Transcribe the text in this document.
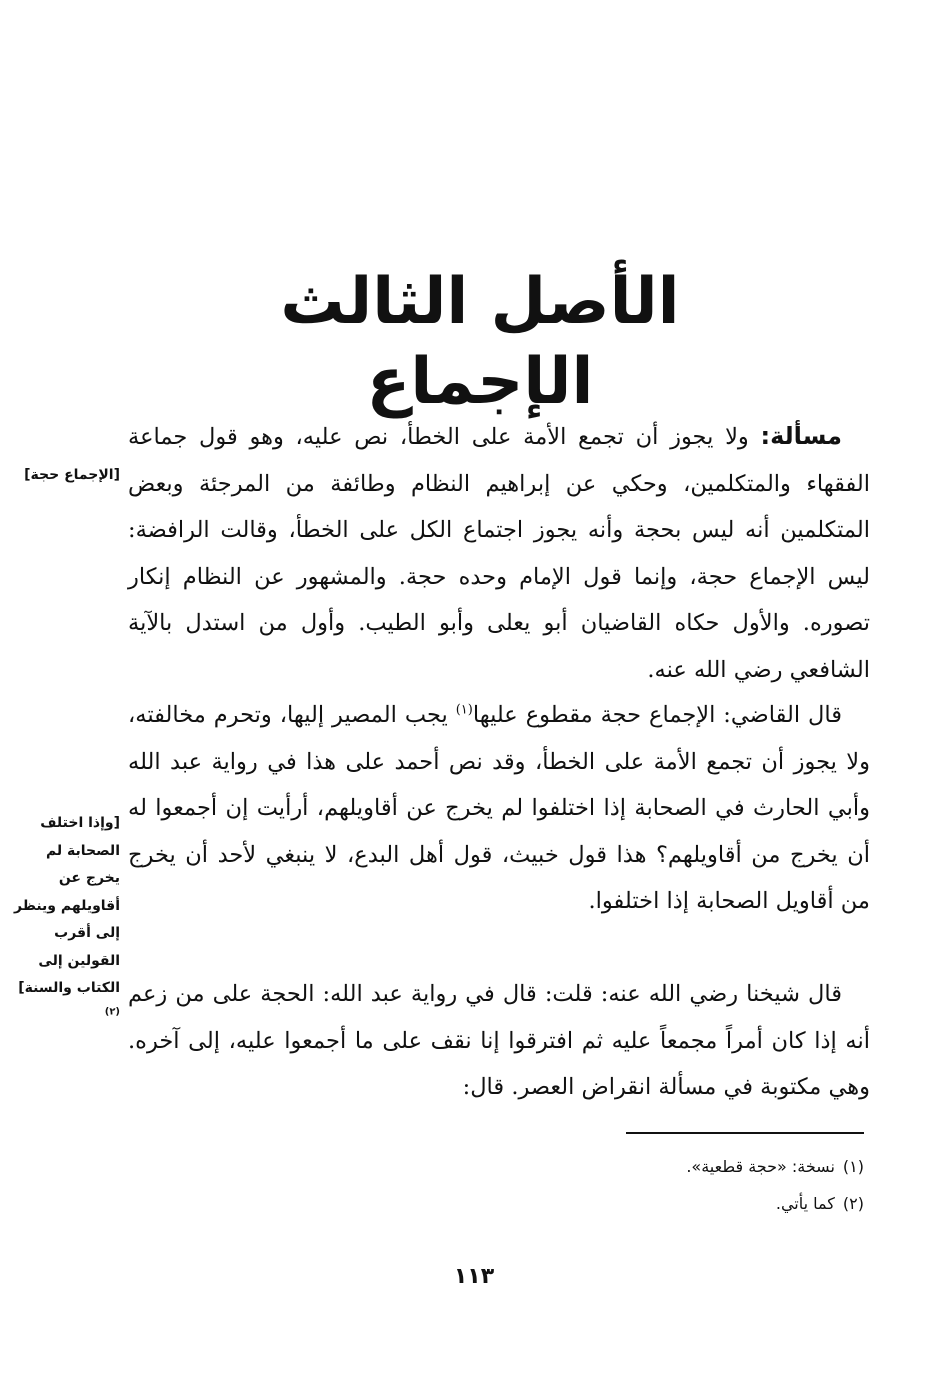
الأصل الثالث الإجماع

مسألة: ولا يجوز أن تجمع الأمة على الخطأ، نص عليه، وهو قول جماعة الفقهاء والمتكلمين، وحكي عن إبراهيم النظام وطائفة من المرجئة وبعض المتكلمين أنه ليس بحجة وأنه يجوز اجتماع الكل على الخطأ، وقالت الرافضة: ليس الإجماع حجة، وإنما قول الإمام وحده حجة. والمشهور عن النظام إنكار تصوره. والأول حكاه القاضيان أبو يعلى وأبو الطيب. وأول من استدل بالآية الشافعي رضي الله عنه.

قال القاضي: الإجماع حجة مقطوع عليها$^{(١)}$ يجب المصير إليها، وتحرم مخالفته، ولا يجوز أن تجمع الأمة على الخطأ، وقد نص أحمد على هذا في رواية عبد الله وأبي الحارث في الصحابة إذا اختلفوا لم يخرج عن أقاويلهم، أرأيت إن أجمعوا له أن يخرج من أقاويلهم؟ هذا قول خبيث، قول أهل البدع، لا ينبغي لأحد أن يخرج من أقاويل الصحابة إذا اختلفوا.

قال شيخنا رضي الله عنه: قلت: قال في رواية عبد الله: الحجة على من زعم أنه إذا كان أمراً مجمعاً عليه ثم افترقوا إنا نقف على ما أجمعوا عليه، إلى آخره. وهي مكتوبة في مسألة انقراض العصر. قال:

[الإجماع حجة]
[وإذا اختلف الصحابة لم يخرج عن أقاويلهم وينظر إلى أقرب القولين إلى الكتاب والسنة]$^{(٢)}$
(١)نسخة: «حجة قطعية».
(٢)كما يأتي.
١١٣
